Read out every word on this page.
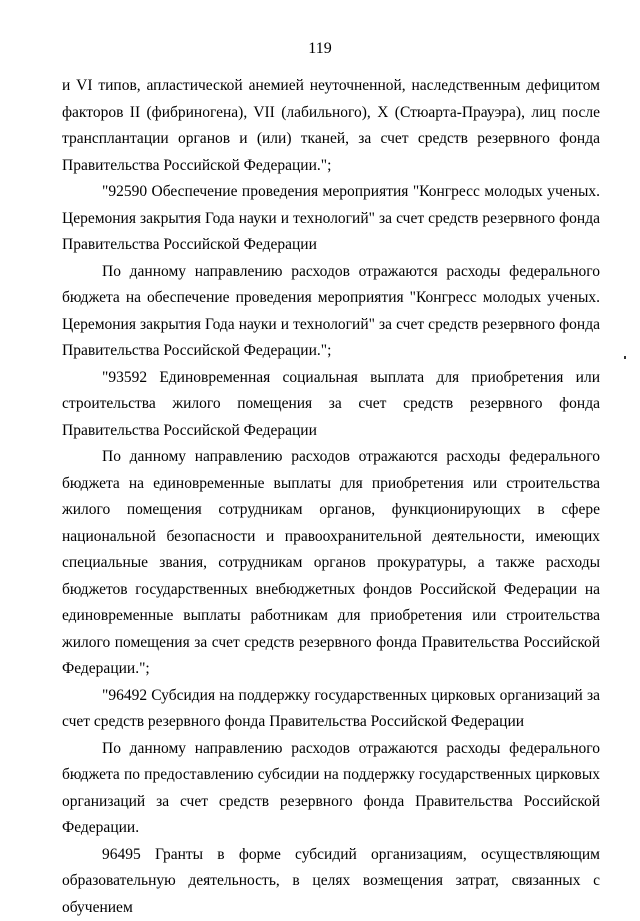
119

и VI типов, апластической анемией неуточненной, наследственным дефицитом факторов II (фибриногена), VII (лабильного), X (Стюарта-Прауэра), лиц после трансплантации органов и (или) тканей, за счет средств резервного фонда Правительства Российской Федерации.";

"92590 Обеспечение проведения мероприятия "Конгресс молодых ученых. Церемония закрытия Года науки и технологий" за счет средств резервного фонда Правительства Российской Федерации

По данному направлению расходов отражаются расходы федерального бюджета на обеспечение проведения мероприятия "Конгресс молодых ученых. Церемония закрытия Года науки и технологий" за счет средств резервного фонда Правительства Российской Федерации.";

"93592 Единовременная социальная выплата для приобретения или строительства жилого помещения за счет средств резервного фонда Правительства Российской Федерации

По данному направлению расходов отражаются расходы федерального бюджета на единовременные выплаты для приобретения или строительства жилого помещения сотрудникам органов, функционирующих в сфере национальной безопасности и правоохранительной деятельности, имеющих специальные звания, сотрудникам органов прокуратуры, а также расходы бюджетов государственных внебюджетных фондов Российской Федерации на единовременные выплаты работникам для приобретения или строительства жилого помещения за счет средств резервного фонда Правительства Российской Федерации.";

"96492 Субсидия на поддержку государственных цирковых организаций за счет средств резервного фонда Правительства Российской Федерации

По данному направлению расходов отражаются расходы федерального бюджета по предоставлению субсидии на поддержку государственных цирковых организаций за счет средств резервного фонда Правительства Российской Федерации.

96495 Гранты в форме субсидий организациям, осуществляющим образовательную деятельность, в целях возмещения затрат, связанных с обучением
